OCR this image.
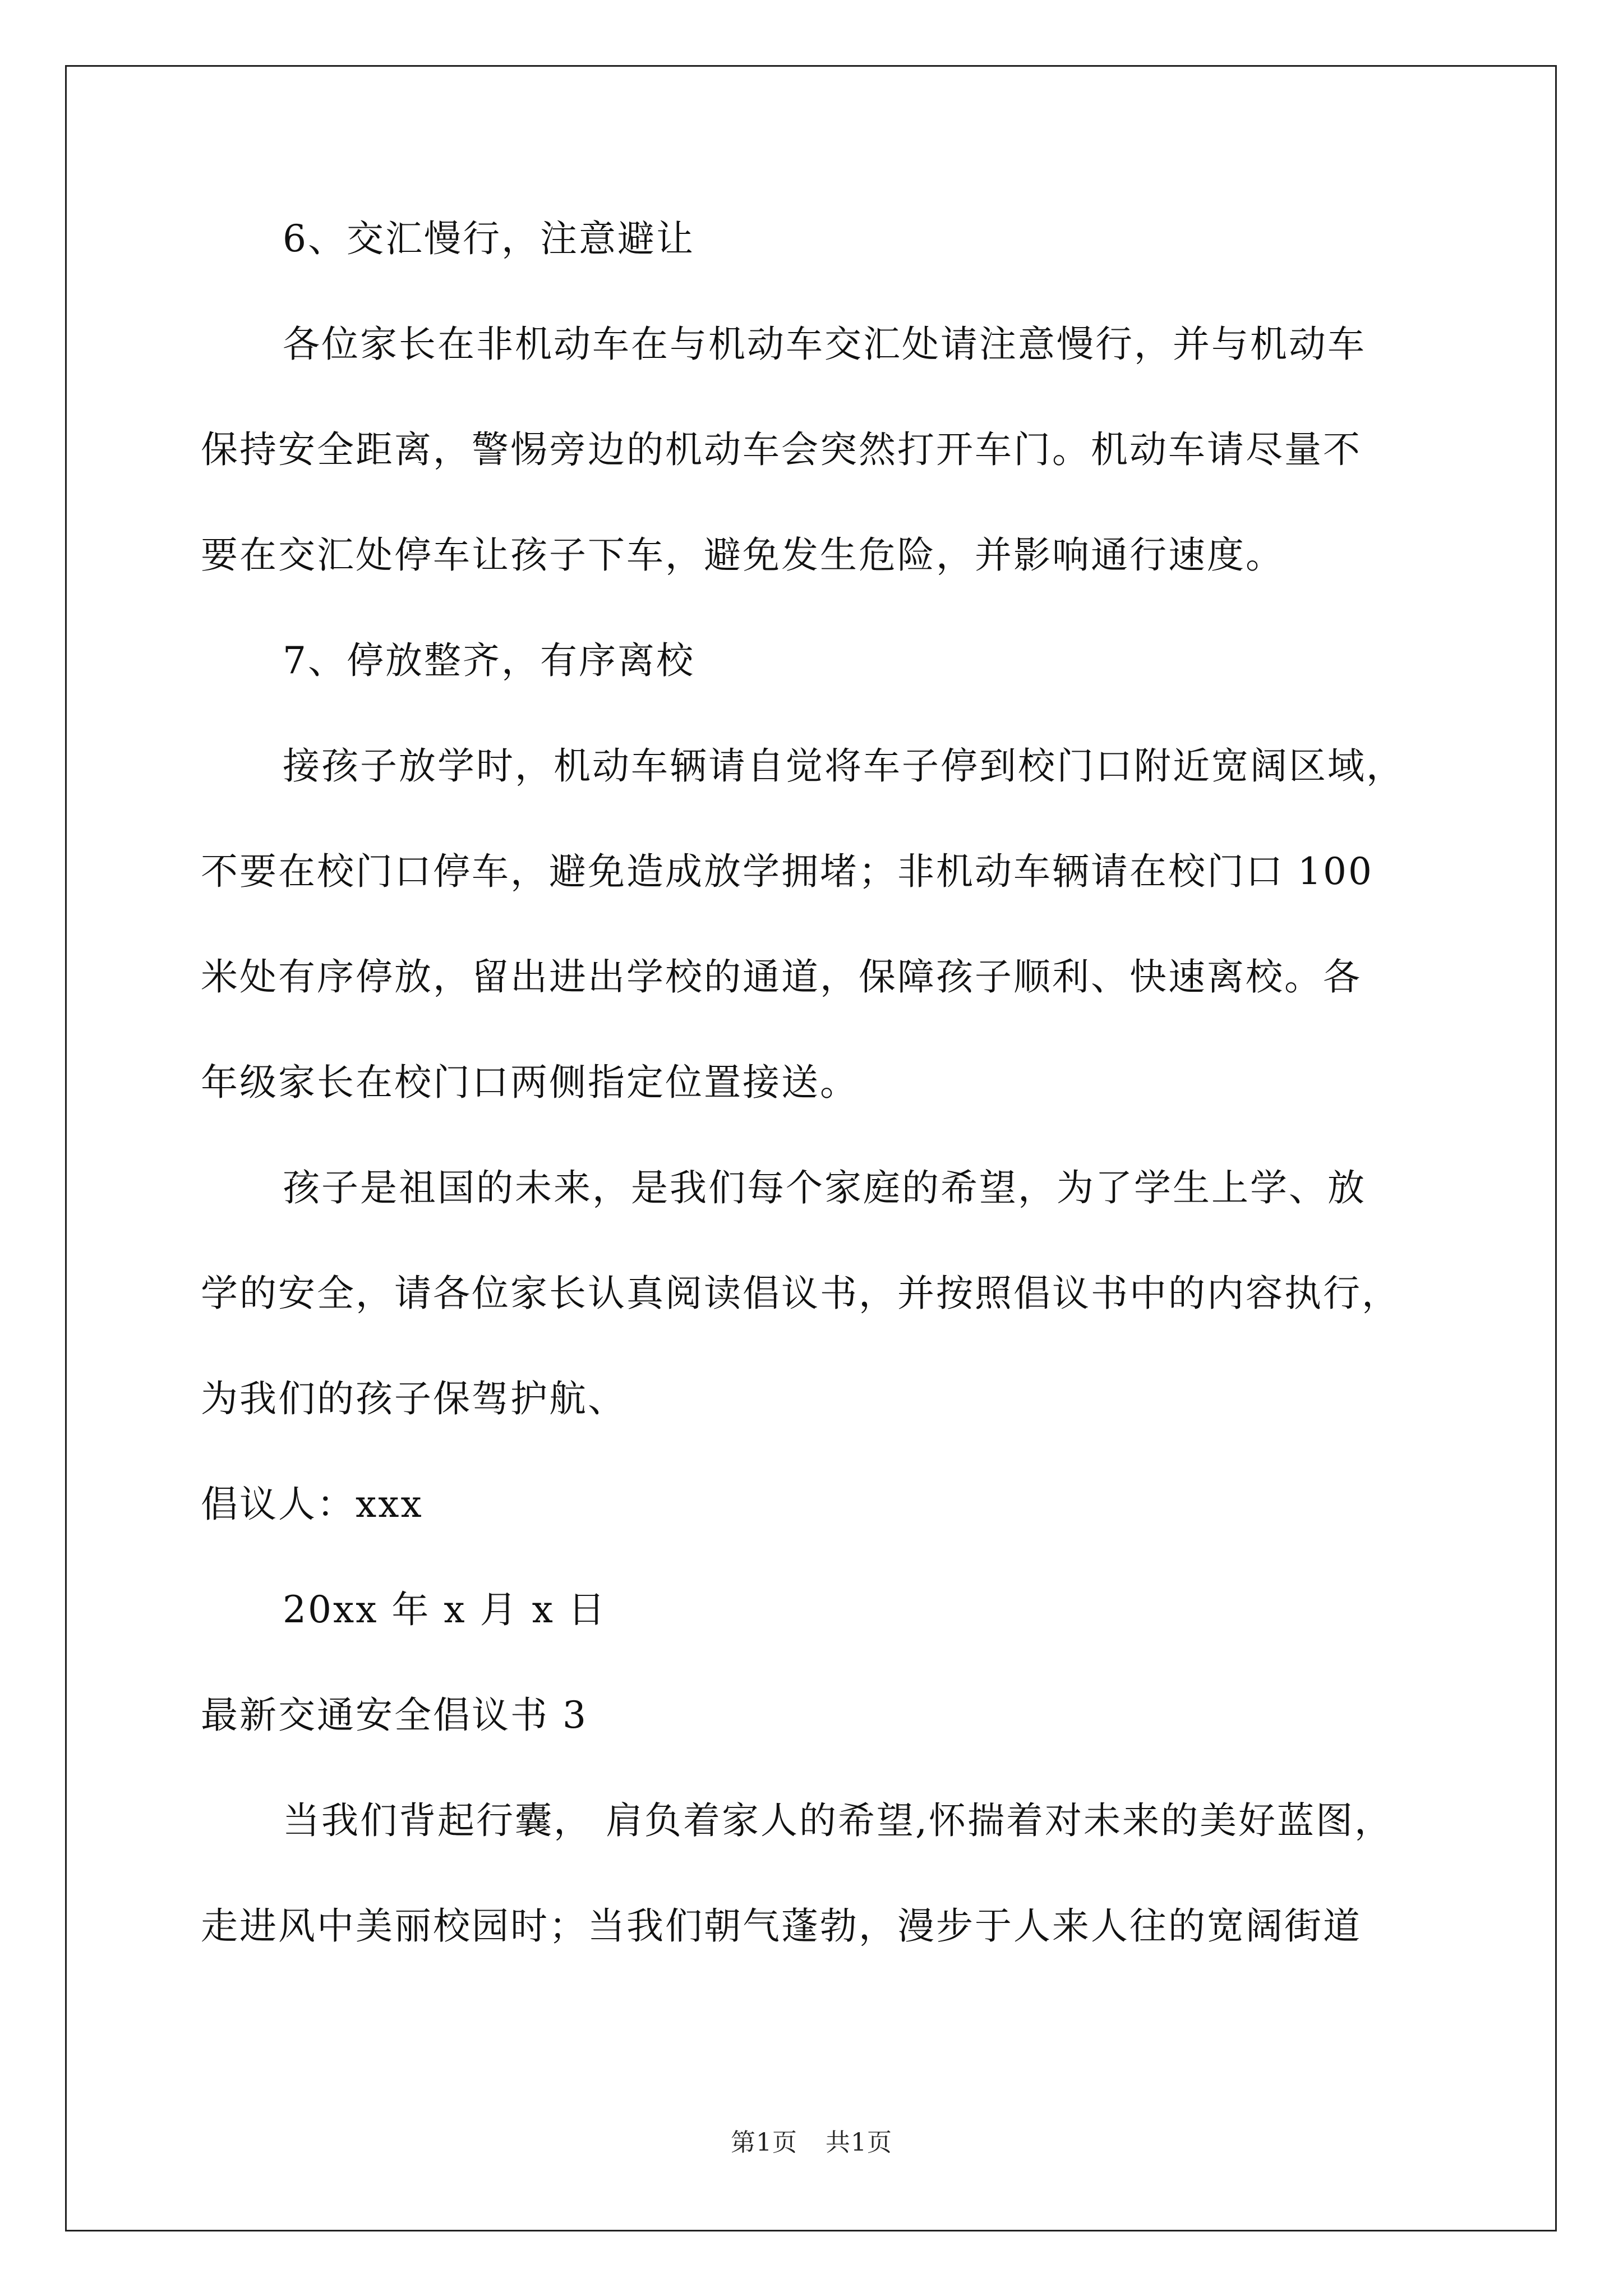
6、交汇慢行，注意避让

各位家长在非机动车在与机动车交汇处请注意慢行，并与机动车

保持安全距离，警惕旁边的机动车会突然打开车门。机动车请尽量不

要在交汇处停车让孩子下车，避免发生危险，并影响通行速度。

7、停放整齐，有序离校

接孩子放学时，机动车辆请自觉将车子停到校门口附近宽阔区域，

不要在校门口停车，避免造成放学拥堵；非机动车辆请在校门口 100

米处有序停放，留出进出学校的通道，保障孩子顺利、快速离校。各

年级家长在校门口两侧指定位置接送。

孩子是祖国的未来，是我们每个家庭的希望，为了学生上学、放

学的安全，请各位家长认真阅读倡议书，并按照倡议书中的内容执行，

为我们的孩子保驾护航、

倡议人：xxx

20xx 年 x 月 x 日

最新交通安全倡议书 3

当我们背起行囊， 肩负着家人的希望,怀揣着对未来的美好蓝图，

走进风中美丽校园时；当我们朝气蓬勃，漫步于人来人往的宽阔街道

第1页 共1页
